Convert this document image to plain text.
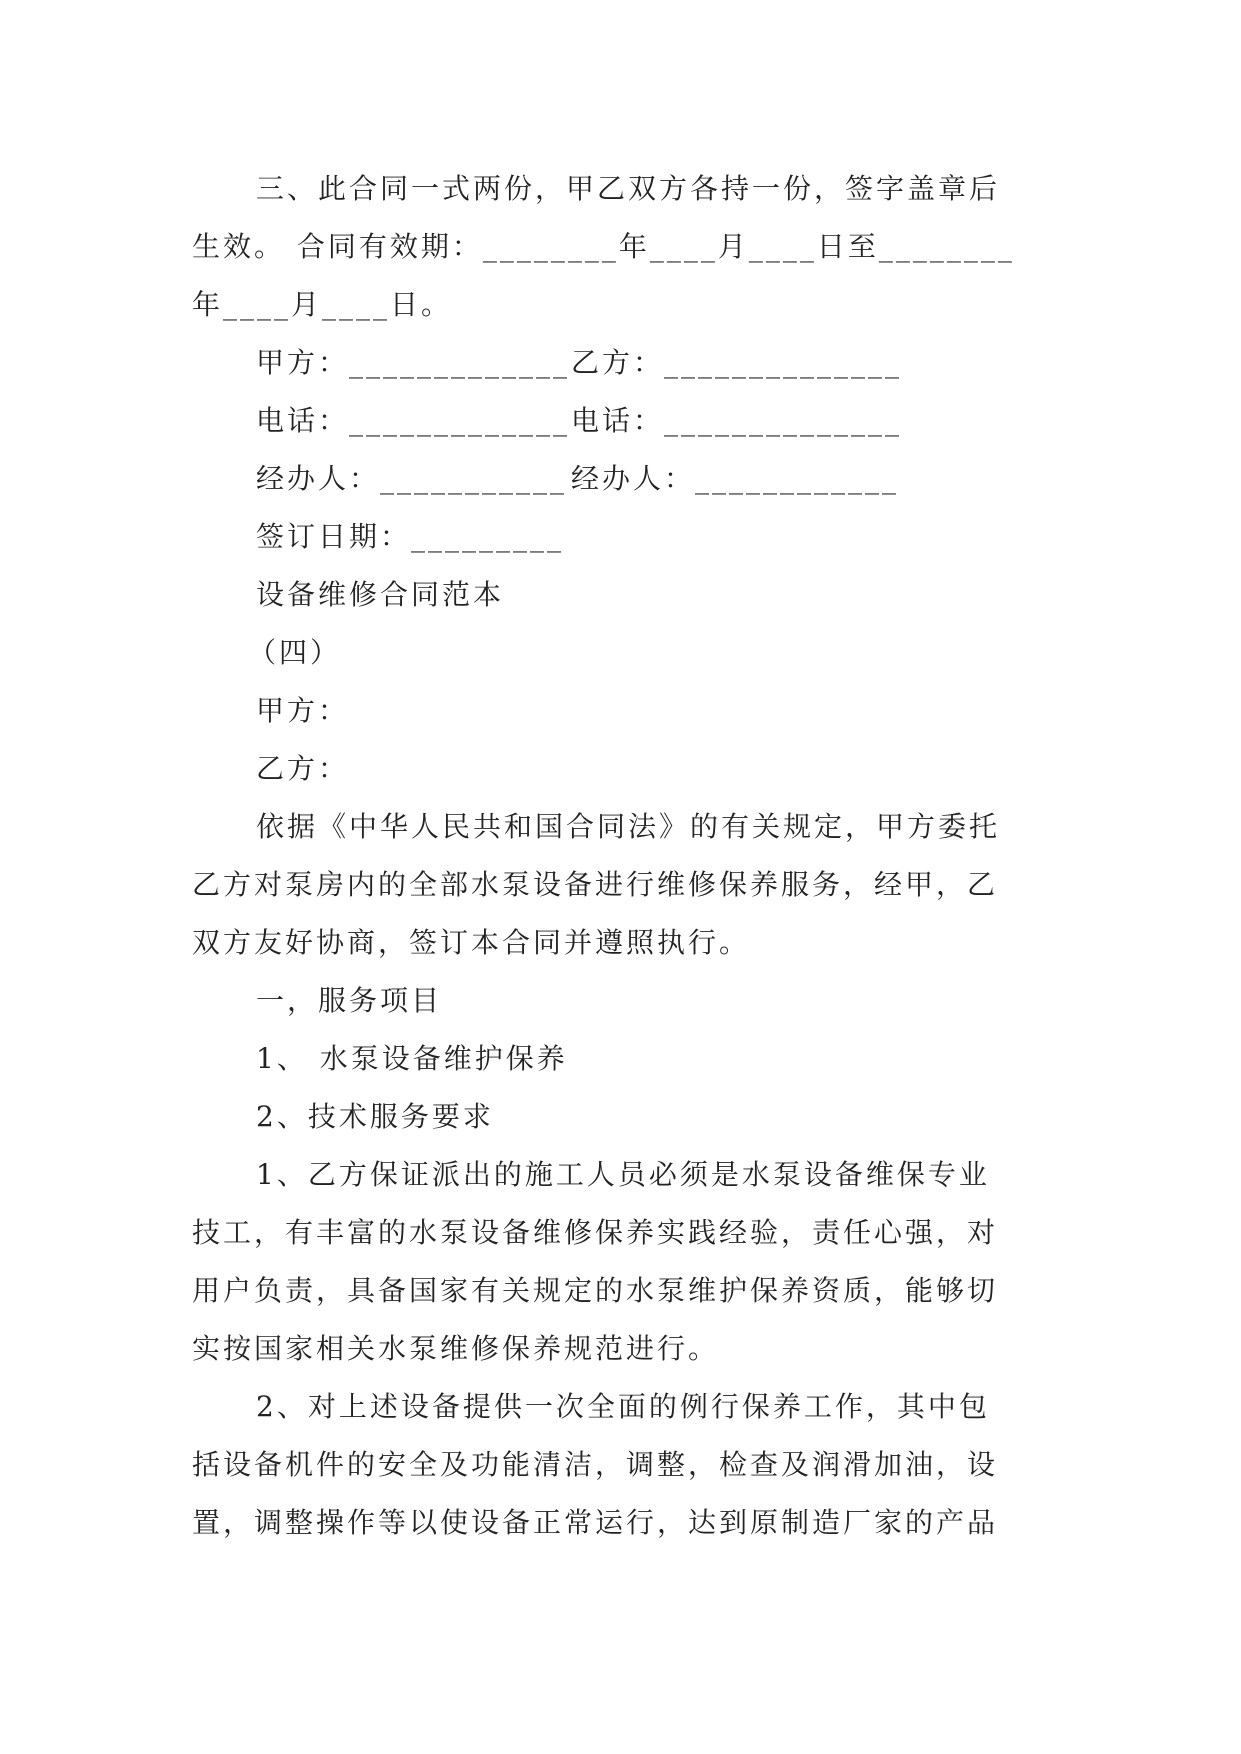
三、此合同一式两份，甲乙双方各持一份，签字盖章后
生效。 合同有效期：________年____月____日至________
年____月____日。
甲方：_____________乙方：______________
电话：_____________电话：______________
经办人：___________ 经办人：____________
签订日期：_________
设备维修合同范本
（四）
甲方：
乙方：
依据《中华人民共和国合同法》的有关规定，甲方委托
乙方对泵房内的全部水泵设备进行维修保养服务，经甲，乙
双方友好协商，签订本合同并遵照执行。
一，服务项目
1、 水泵设备维护保养
2、技术服务要求
1、乙方保证派出的施工人员必须是水泵设备维保专业
技工，有丰富的水泵设备维修保养实践经验，责任心强，对
用户负责，具备国家有关规定的水泵维护保养资质，能够切
实按国家相关水泵维修保养规范进行。
2、对上述设备提供一次全面的例行保养工作，其中包
括设备机件的安全及功能清洁，调整，检查及润滑加油，设
置，调整操作等以使设备正常运行，达到原制造厂家的产品
